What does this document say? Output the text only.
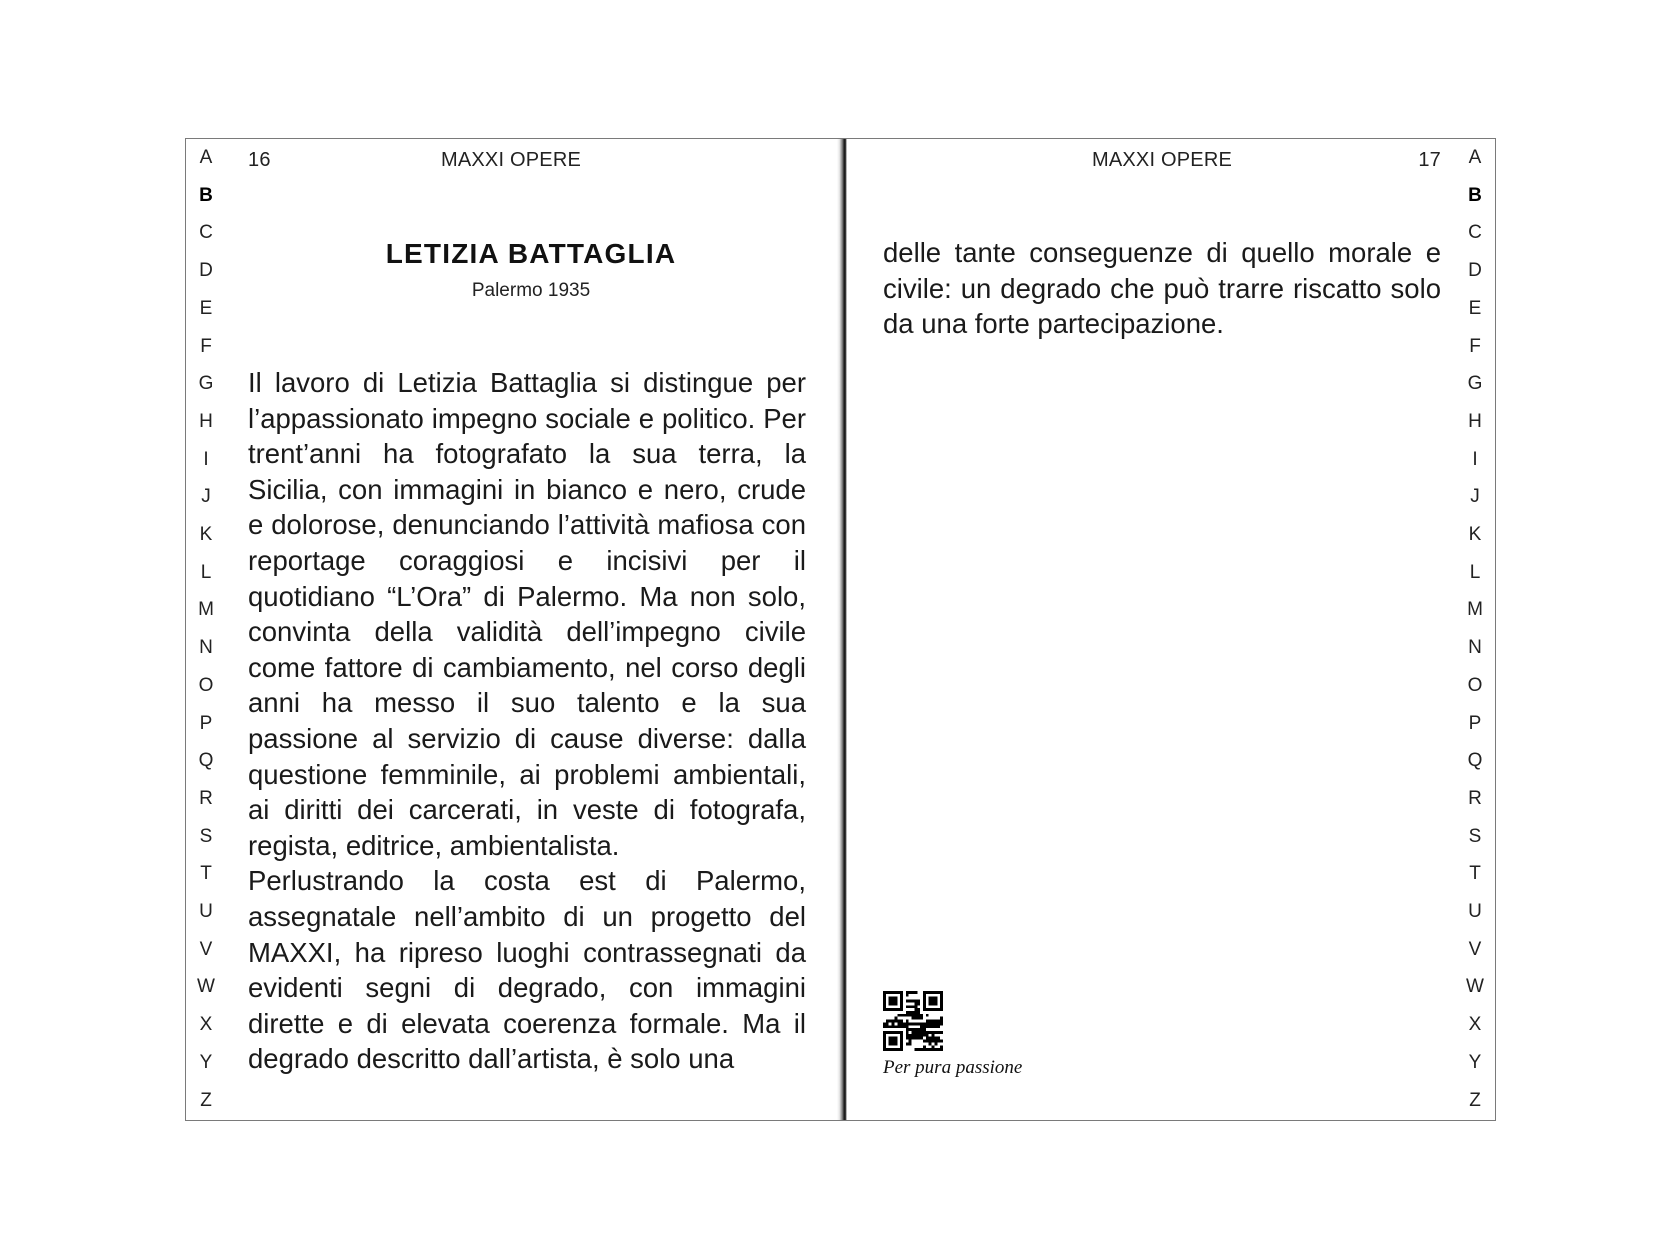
A
B
C
D
E
F
G
H
I
J
K
L
M
N
O
P
Q
R
S
T
U
V
W
X
Y
Z
16	MAXXI OPERE
LETIZIA BATTAGLIA
Palermo 1935

Il lavoro di Letizia Battaglia si distingue per l’appassionato impegno sociale e politico. Per trent’anni ha fotografato la sua terra, la Sicilia, con immagini in bianco e nero, crude e dolorose, denunciando l’attività mafiosa con reportage coraggiosi e incisivi per il quotidiano “L’Ora” di Palermo. Ma non solo, convinta della validità dell’impegno civile come fattore di cambiamento, nel corso degli anni ha messo il suo talento e la sua passione al servizio di cause diverse: dalla questione femminile, ai problemi ambientali, ai diritti dei carcerati, in veste di fotografa, regista, editrice, ambientalista.

Perlustrando la costa est di Palermo, assegnatale nell’ambito di un progetto del MAXXI, ha ripreso luoghi contrassegnati da evidenti segni di degrado, con immagini dirette e di elevata coerenza formale. Ma il degrado descritto dall’artista, è solo una

MAXXI OPERE	17

delle tante conseguenze di quello morale e civile: un degrado che può trarre riscatto solo da una forte partecipazione.

Per pura passione
A
B
C
D
E
F
G
H
I
J
K
L
M
N
O
P
Q
R
S
T
U
V
W
X
Y
Z
